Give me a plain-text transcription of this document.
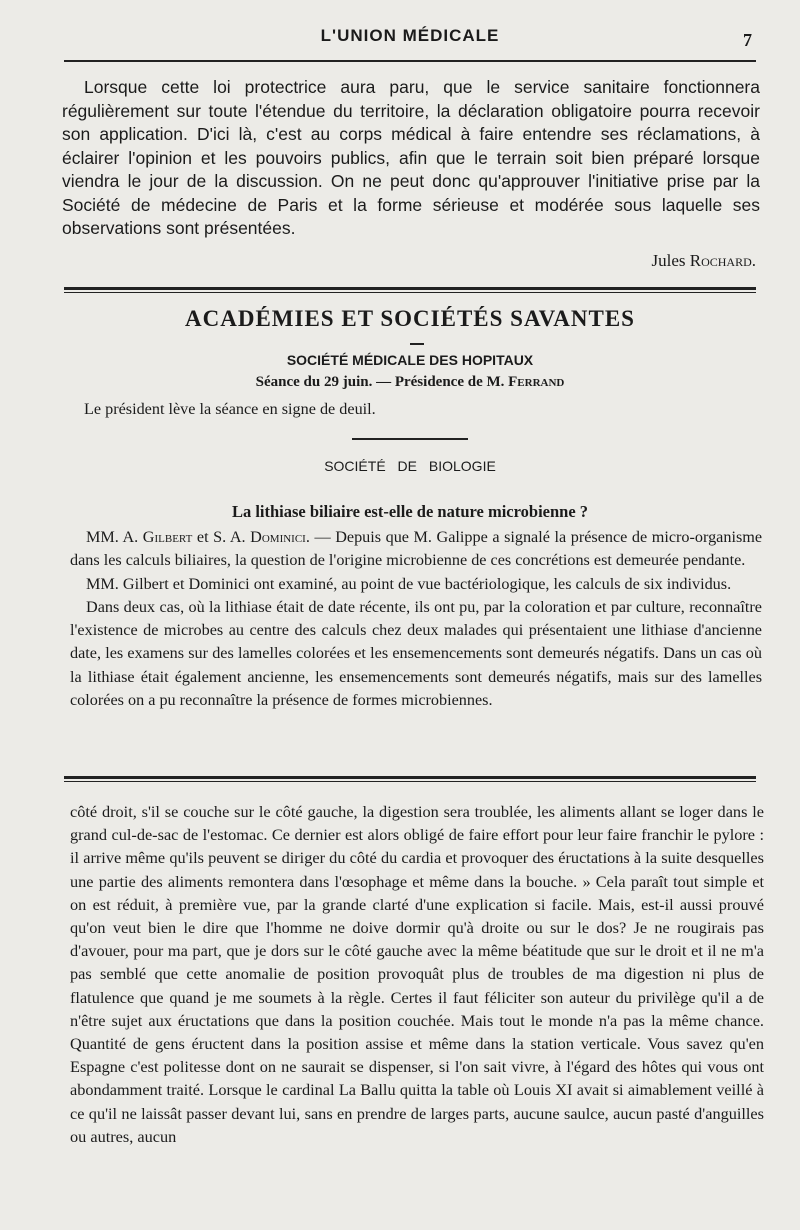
L'UNION MÉDICALE	7

Lorsque cette loi protectrice aura paru, que le service sanitaire fonctionnera régulièrement sur toute l'étendue du territoire, la déclaration obligatoire pourra recevoir son application. D'ici là, c'est au corps médical à faire entendre ses réclamations, à éclairer l'opinion et les pouvoirs publics, afin que le terrain soit bien préparé lorsque viendra le jour de la discussion. On ne peut donc qu'approuver l'initiative prise par la Société de médecine de Paris et la forme sérieuse et modérée sous laquelle ses observations sont présentées.

Jules Rochard.
ACADÉMIES ET SOCIÉTÉS SAVANTES
SOCIÉTÉ MÉDICALE DES HOPITAUX
Séance du 29 juin. — Présidence de M. Ferrand

Le président lève la séance en signe de deuil.

SOCIÉTÉ DE BIOLOGIE
La lithiase biliaire est-elle de nature microbienne ?

MM. A. Gilbert et S. A. Dominici. — Depuis que M. Galippe a signalé la présence de micro-organisme dans les calculs biliaires, la question de l'origine microbienne de ces concrétions est demeurée pendante.

MM. Gilbert et Dominici ont examiné, au point de vue bactériologique, les calculs de six individus.

Dans deux cas, où la lithiase était de date récente, ils ont pu, par la coloration et par culture, reconnaître l'existence de microbes au centre des calculs chez deux malades qui présentaient une lithiase d'ancienne date, les examens sur des lamelles colorées et les ensemencements sont demeurés négatifs. Dans un cas où la lithiase était également ancienne, les ensemencements sont demeurés négatifs, mais sur des lamelles colorées on a pu reconnaître la présence de formes microbiennes.

côté droit, s'il se couche sur le côté gauche, la digestion sera troublée, les aliments allant se loger dans le grand cul-de-sac de l'estomac. Ce dernier est alors obligé de faire effort pour leur faire franchir le pylore : il arrive même qu'ils peuvent se diriger du côté du cardia et provoquer des éructations à la suite desquelles une partie des aliments remontera dans l'œsophage et même dans la bouche. » Cela paraît tout simple et on est réduit, à première vue, par la grande clarté d'une explication si facile. Mais, est-il aussi prouvé qu'on veut bien le dire que l'homme ne doive dormir qu'à droite ou sur le dos? Je ne rougirais pas d'avouer, pour ma part, que je dors sur le côté gauche avec la même béatitude que sur le droit et il ne m'a pas semblé que cette anomalie de position provoquât plus de troubles de ma digestion ni plus de flatulence que quand je me soumets à la règle. Certes il faut féliciter son auteur du privilège qu'il a de n'être sujet aux éructations que dans la position couchée. Mais tout le monde n'a pas la même chance. Quantité de gens éructent dans la position assise et même dans la station verticale. Vous savez qu'en Espagne c'est politesse dont on ne saurait se dispenser, si l'on sait vivre, à l'égard des hôtes qui vous ont abondamment traité. Lorsque le cardinal La Ballu quitta la table où Louis XI avait si aimablement veillé à ce qu'il ne laissât passer devant lui, sans en prendre de larges parts, aucune saulce, aucun pasté d'anguilles ou autres, aucun
